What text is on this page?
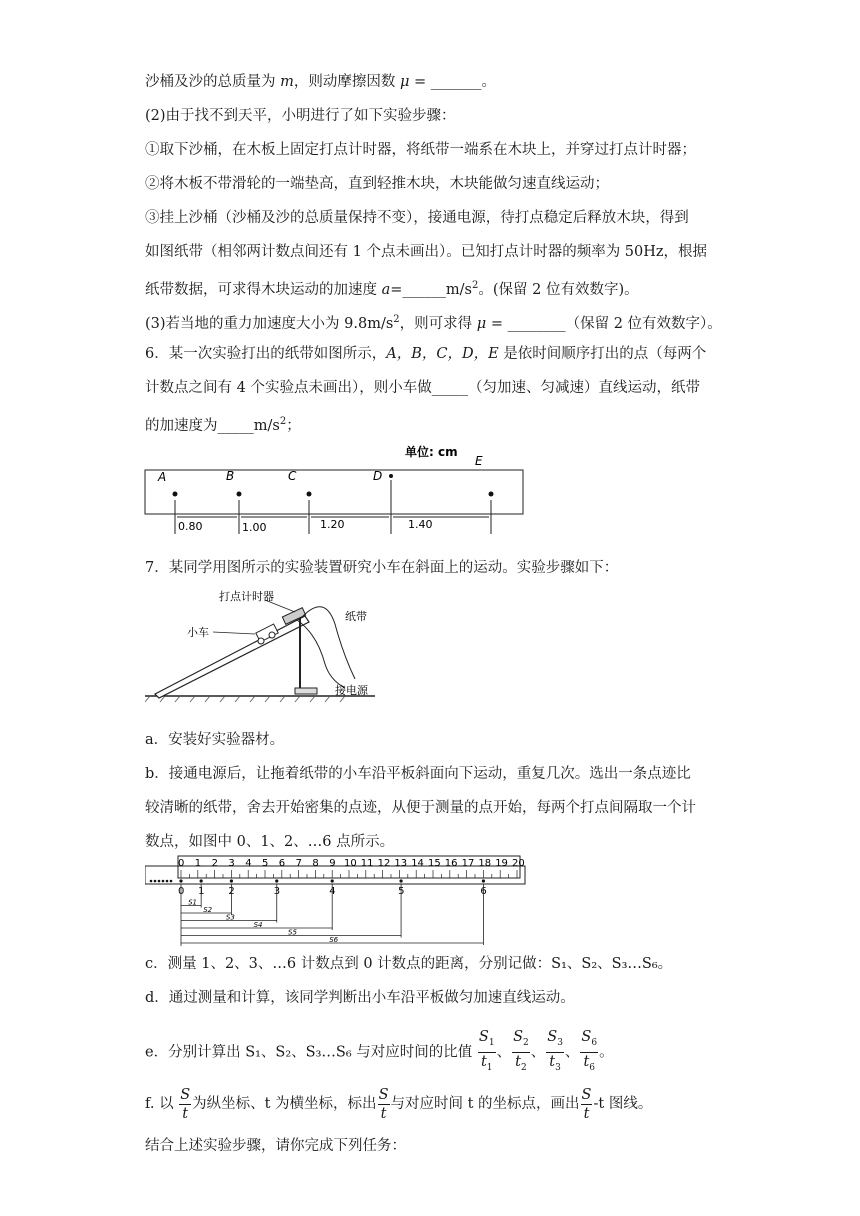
沙桶及沙的总质量为 m，则动摩擦因数 μ = _______。
(2)由于找不到天平，小明进行了如下实验步骤：
①取下沙桶，在木板上固定打点计时器，将纸带一端系在木块上，并穿过打点计时器；
②将木板不带滑轮的一端垫高，直到轻推木块，木块能做匀速直线运动；
③挂上沙桶（沙桶及沙的总质量保持不变），接通电源，待打点稳定后释放木块，得到
如图纸带（相邻两计数点间还有 1 个点未画出）。已知打点计时器的频率为 50Hz，根据
纸带数据，可求得木块运动的加速度 $a=\_\_\_\_\_\_m/s^2$。(保留 2 位有效数字)。
(3)若当地的重力加速度大小为 $9.8m/s^2$，则可求得 μ = ________（保留 2 位有效数字）。
6．某一次实验打出的纸带如图所示，A，B，C，D，E 是依时间顺序打出的点（每两个
计数点之间有 4 个实验点未画出），则小车做_____（匀加速、匀减速）直线运动，纸带
的加速度为$\_\_\_\_\_m/s^2$；
单位: cm
A	B	C	D
E
0.80	1.00	1.20	1.40
7．某同学用图所示的实验装置研究小车在斜面上的运动。实验步骤如下：
打点计时器
小车
纸带
接电源
a．安装好实验器材。
b．接通电源后，让拖着纸带的小车沿平板斜面向下运动，重复几次。选出一条点迹比
较清晰的纸带，舍去开始密集的点迹，从便于测量的点开始，每两个打点间隔取一个计
数点，如图中 0、1、2、…6 点所示。
0 1 2 3 4 5 6 7 8 9 10 11 12 13 14 15 16 17 18 19 20
0 1 2	3	4	5	6
S1
S2
S3
S4
S5
S6
c．测量 1、2、3、…6 计数点到 0 计数点的距离，分别记做：S₁、S₂、S₃…S₆。
d．通过测量和计算，该同学判断出小车沿平板做匀加速直线运动。
e．分别计算出 S₁、S₂、S₃…S₆ 与对应时间的比值 $\frac{S_1}{t_1}$ 、 $\frac{S_2}{t_2}$ 、 $\frac{S_3}{t_3}$ 、 $\frac{S_6}{t_6}$ 。
f. 以 $\frac{S}{t}$ 为纵坐标、t 为横坐标，标出 $\frac{S}{t}$ 与对应时间 t 的坐标点，画出 $\frac{S}{t} -t$ 图线。
结合上述实验步骤，请你完成下列任务：
